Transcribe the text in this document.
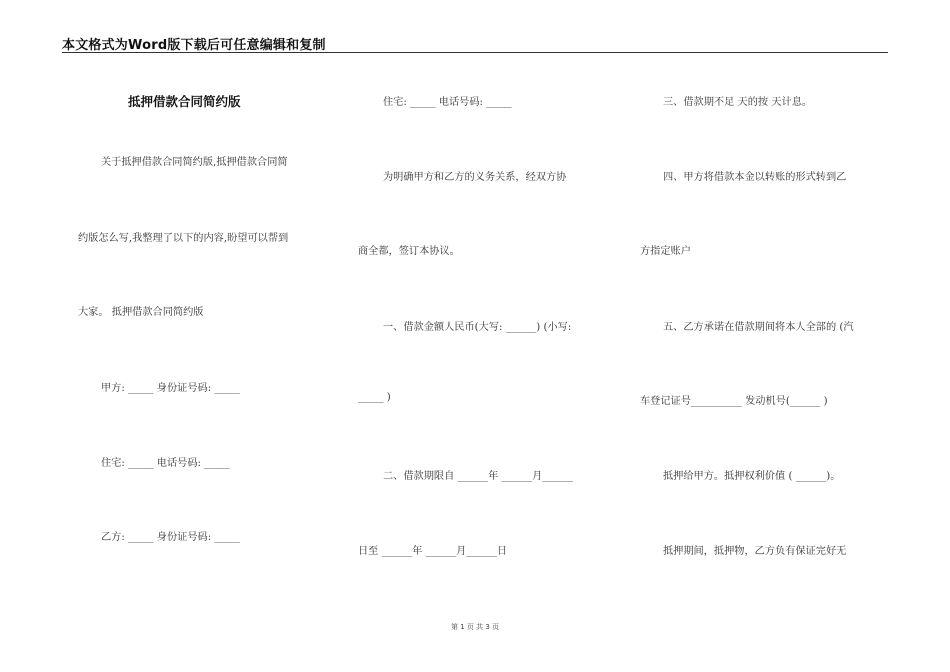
本文格式为Word版下载后可任意编辑和复制
抵押借款合同简约版
关于抵押借款合同简约版,抵押借款合同简
约版怎么写,我整理了以下的内容,盼望可以帮到
大家。 抵押借款合同简约版
甲方: _____ 身份证号码: _____
住宅: _____ 电话号码: _____
乙方: _____ 身份证号码: _____
住宅: _____ 电话号码: _____
为明确甲方和乙方的义务关系，经双方协
商全都，签订本协议。
一、借款金额人民币(大写: ______) (小写:
_____ )
二、借款期限自 ______年 ______月______
日至 ______年 ______月______日
三、借款期不足 天的按 天计息。
四、甲方将借款本金以转账的形式转到乙
方指定账户
五、乙方承诺在借款期间将本人全部的 (汽
车登记证号__________ 发动机号(______ )
抵押给甲方。抵押权利价值 ( ______)。
抵押期间，抵押物，乙方负有保证完好无
第 1 页 共 3 页
